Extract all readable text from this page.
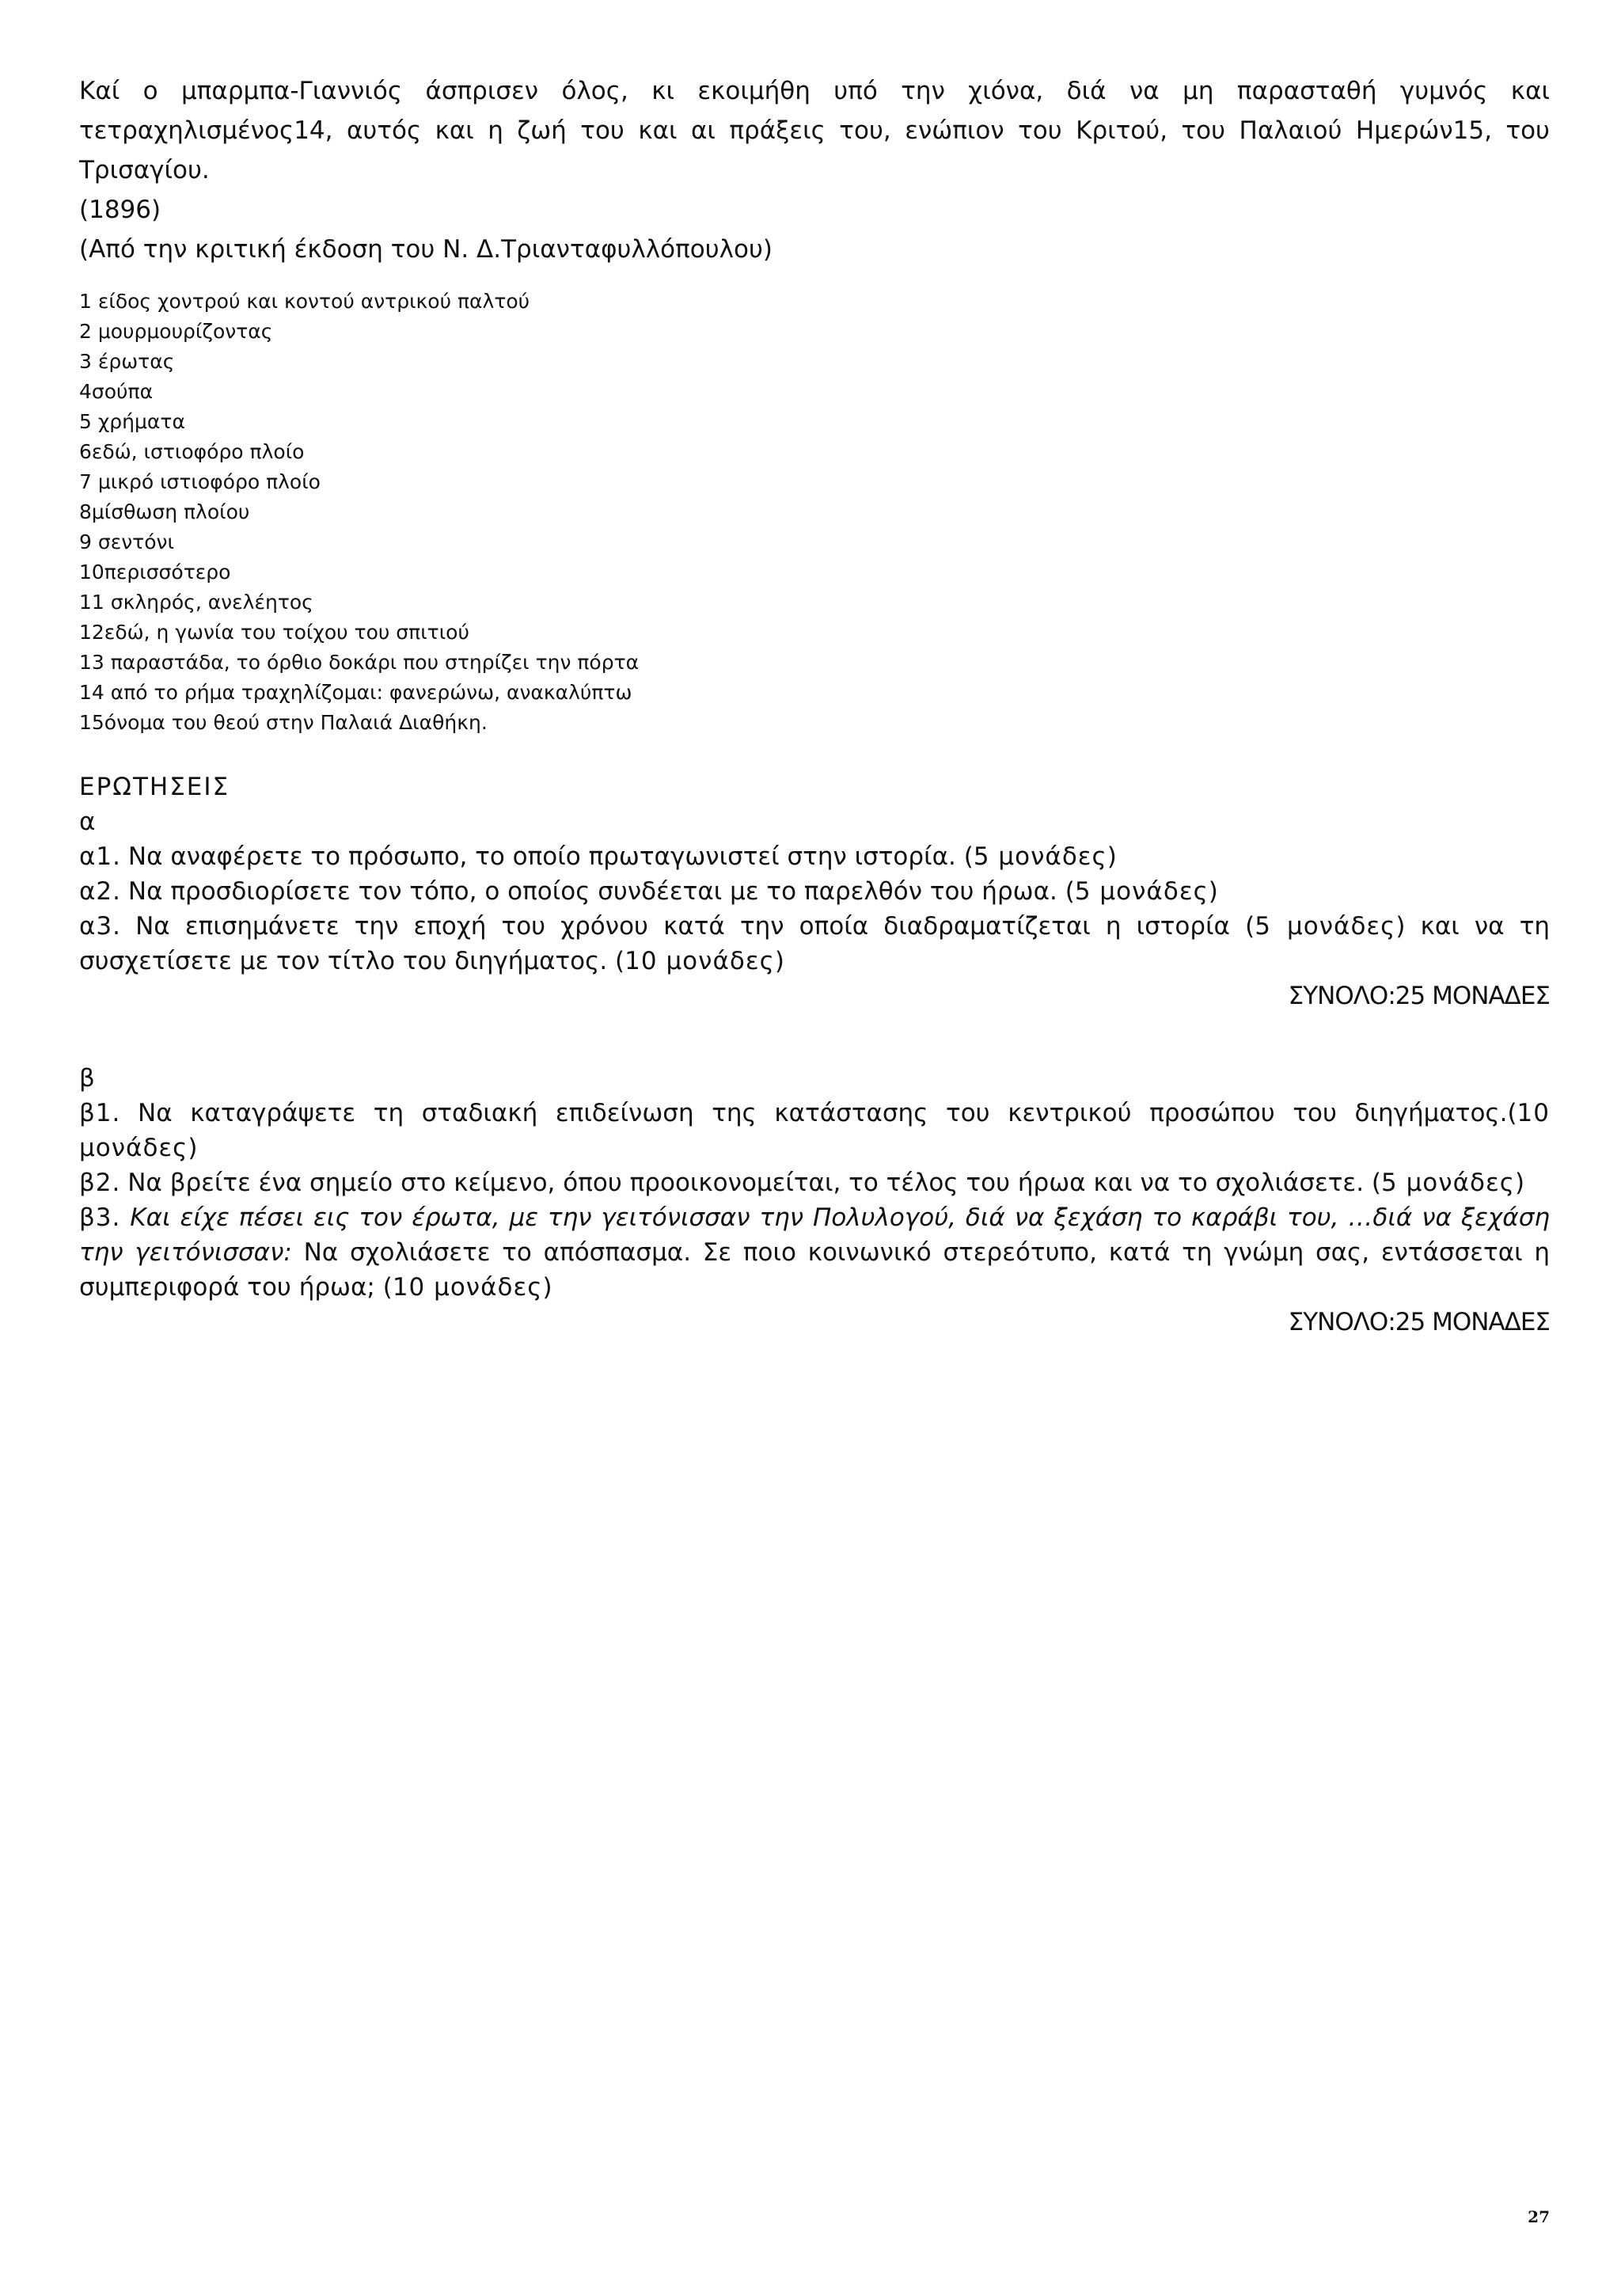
Καί ο μπαρμπα-Γιαννιός άσπρισεν όλος, κι εκοιμήθη υπό την χιόνα, διά να μη παρασταθή γυμνός και τετραχηλισμένος14, αυτός και η ζωή του και αι πράξεις του, ενώπιον του Κριτού, του Παλαιού Ημερών15, του Τρισαγίου.

(1896)

(Από την κριτική έκδοση του Ν. Δ.Τριανταφυλλόπουλου)

1 είδος χοντρού και κοντού αντρικού παλτού
2 μουρμουρίζοντας
3 έρωτας
4σούπα
5 χρήματα
6εδώ, ιστιοφόρο πλοίο
7 μικρό ιστιοφόρο πλοίο
8μίσθωση πλοίου
9 σεντόνι
10περισσότερο
11 σκληρός, ανελέητος
12εδώ, η γωνία του τοίχου του σπιτιού
13 παραστάδα, το όρθιο δοκάρι που στηρίζει την πόρτα
14 από το ρήμα τραχηλίζομαι: φανερώνω, ανακαλύπτω
15όνομα του θεού στην Παλαιά Διαθήκη.
ΕΡΩΤΗΣΕΙΣ
α

α1. Να αναφέρετε το πρόσωπο, το οποίο πρωταγωνιστεί στην ιστορία. (5 μονάδες)

α2. Να προσδιορίσετε τον τόπο, ο οποίος συνδέεται με το παρελθόν του ήρωα. (5 μονάδες)

α3. Να επισημάνετε την εποχή του χρόνου κατά την οποία διαδραματίζεται η ιστορία (5 μονάδες) και να τη συσχετίσετε με τον τίτλο του διηγήματος. (10 μονάδες)

ΣΥΝΟΛΟ:25 ΜΟΝΑΔΕΣ

β

β1. Να καταγράψετε τη σταδιακή επιδείνωση της κατάστασης του κεντρικού προσώπου του διηγήματος.(10 μονάδες)

β2. Να βρείτε ένα σημείο στο κείμενο, όπου προοικονομείται, το τέλος του ήρωα και να το σχολιάσετε. (5 μονάδες)

β3. Και είχε πέσει εις τον έρωτα, με την γειτόνισσαν την Πολυλογού, διά να ξεχάση το καράβι του, …διά να ξεχάση την γειτόνισσαν: Να σχολιάσετε το απόσπασμα. Σε ποιο κοινωνικό στερεότυπο, κατά τη γνώμη σας, εντάσσεται η συμπεριφορά του ήρωα; (10 μονάδες)

ΣΥΝΟΛΟ:25 ΜΟΝΑΔΕΣ

27
